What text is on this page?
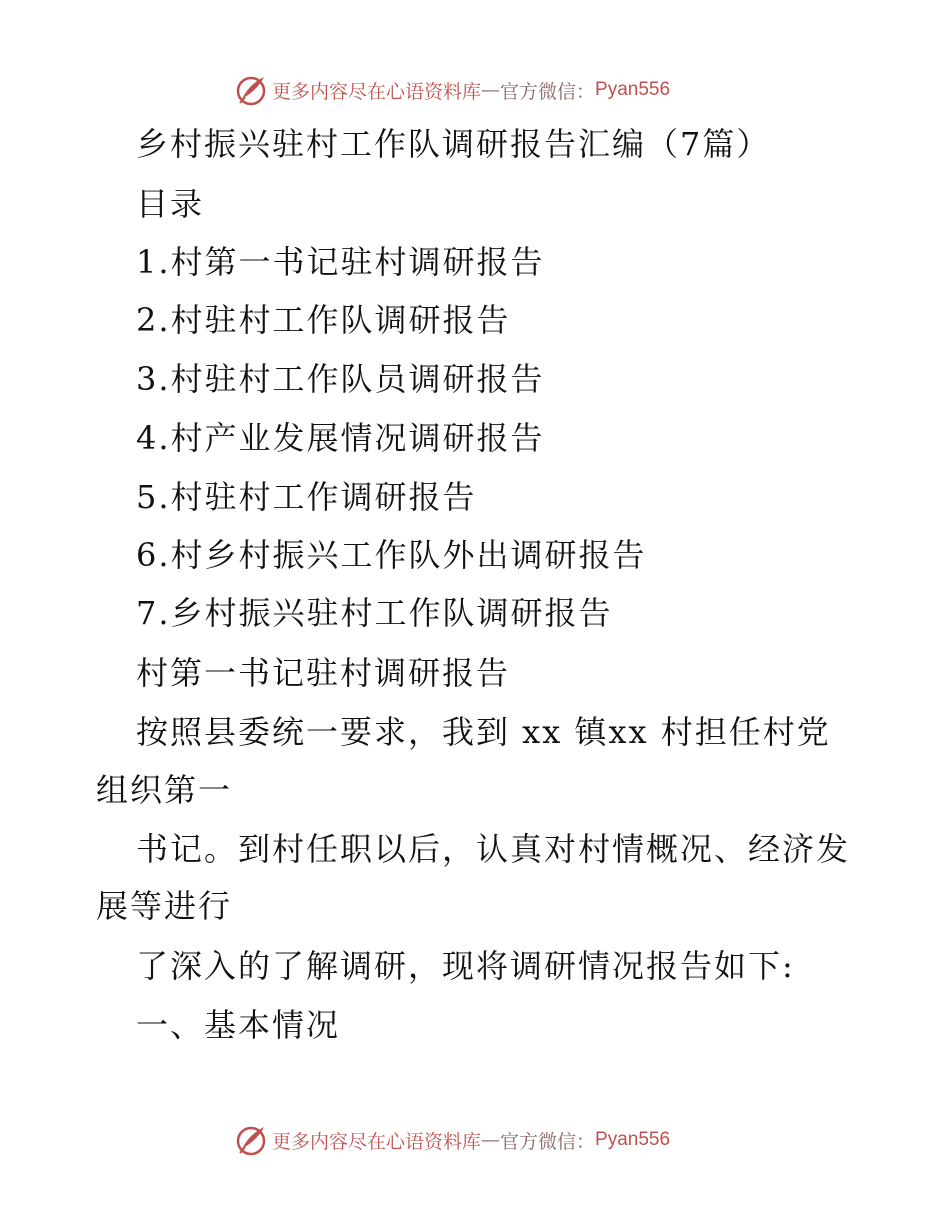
更多内容尽在心语资料库 — 官方微信： Pyan556
乡村振兴驻村工作队调研报告汇编（7篇）
目录
1.村第一书记驻村调研报告
2.村驻村工作队调研报告
3.村驻村工作队员调研报告
4.村产业发展情况调研报告
5.村驻村工作调研报告
6.村乡村振兴工作队外出调研报告
7.乡村振兴驻村工作队调研报告
村第一书记驻村调研报告
按照县委统一要求，我到 xx 镇xx 村担任村党
组织第一
书记。到村任职以后，认真对村情概况、经济发
展等进行
了深入的了解调研，现将调研情况报告如下:
一、基本情况
更多内容尽在心语资料库 — 官方微信： Pyan556
